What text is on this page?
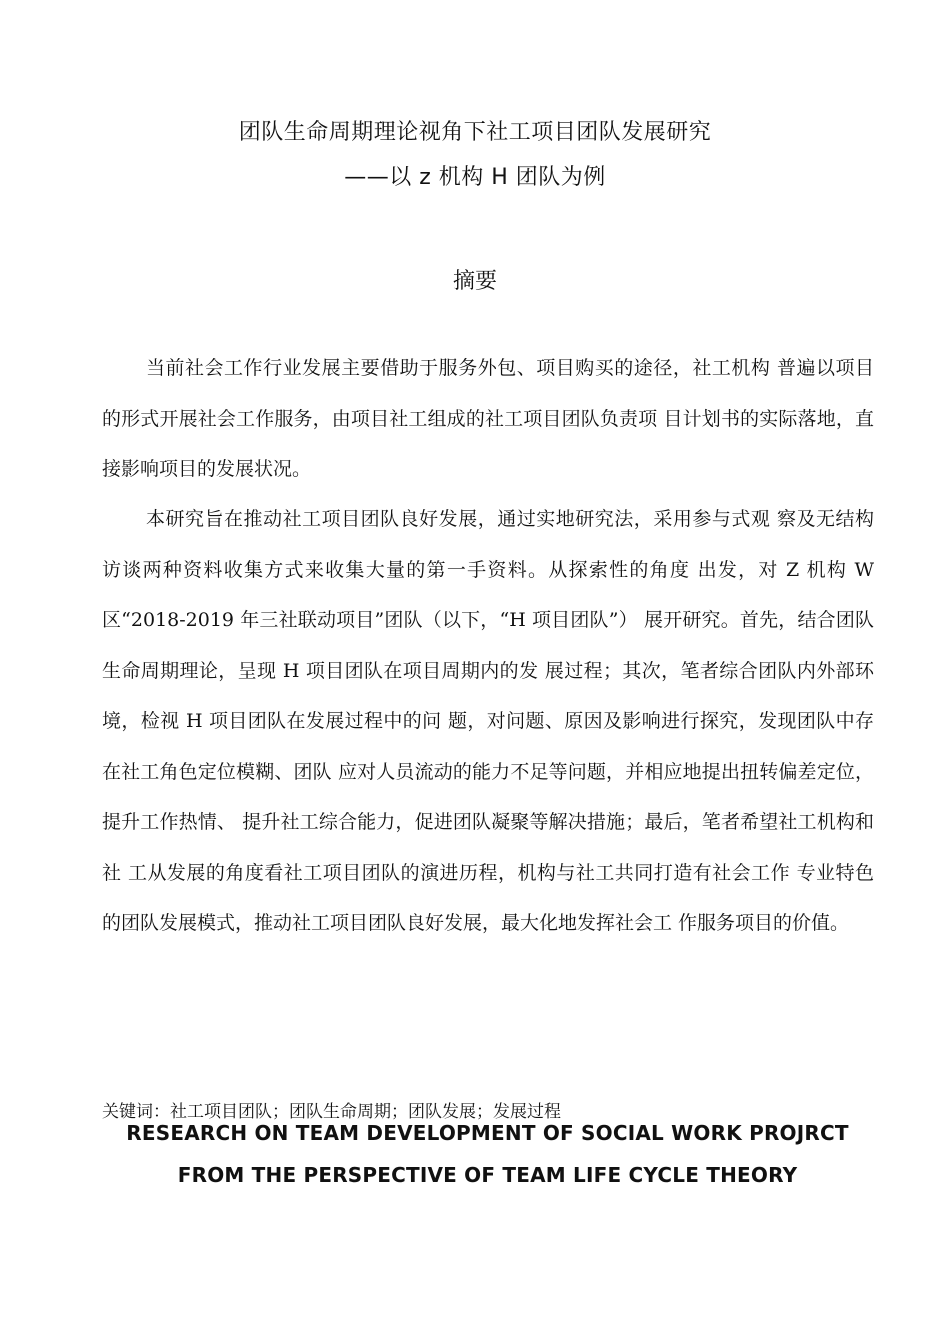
团队生命周期理论视角下社工项目团队发展研究
——以 z 机构 H 团队为例
摘要

当前社会工作行业发展主要借助于服务外包、项目购买的途径，社工机构 普遍以项目的形式开展社会工作服务，由项目社工组成的社工项目团队负责项 目计划书的实际落地，直接影响项目的发展状况。

本研究旨在推动社工项目团队良好发展，通过实地研究法，采用参与式观 察及无结构访谈两种资料收集方式来收集大量的第一手资料。从探索性的角度 出发，对 Z 机构 W 区“2018-2019 年三社联动项目”团队（以下，“H 项目团队”） 展开研究。首先，结合团队生命周期理论，呈现 H 项目团队在项目周期内的发 展过程；其次，笔者综合团队内外部环境，检视 H 项目团队在发展过程中的问 题，对问题、原因及影响进行探究，发现团队中存在社工角色定位模糊、团队 应对人员流动的能力不足等问题，并相应地提出扭转偏差定位，提升工作热情、 提升社工综合能力，促进团队凝聚等解决措施；最后，笔者希望社工机构和社 工从发展的角度看社工项目团队的演进历程，机构与社工共同打造有社会工作 专业特色的团队发展模式，推动社工项目团队良好发展，最大化地发挥社会工 作服务项目的价值。

关键词：社工项目团队；团队生命周期；团队发展；发展过程
RESEARCH ON TEAM DEVELOPMENT OF SOCIAL WORK PROJRCT
FROM THE PERSPECTIVE OF TEAM LIFE CYCLE THEORY
